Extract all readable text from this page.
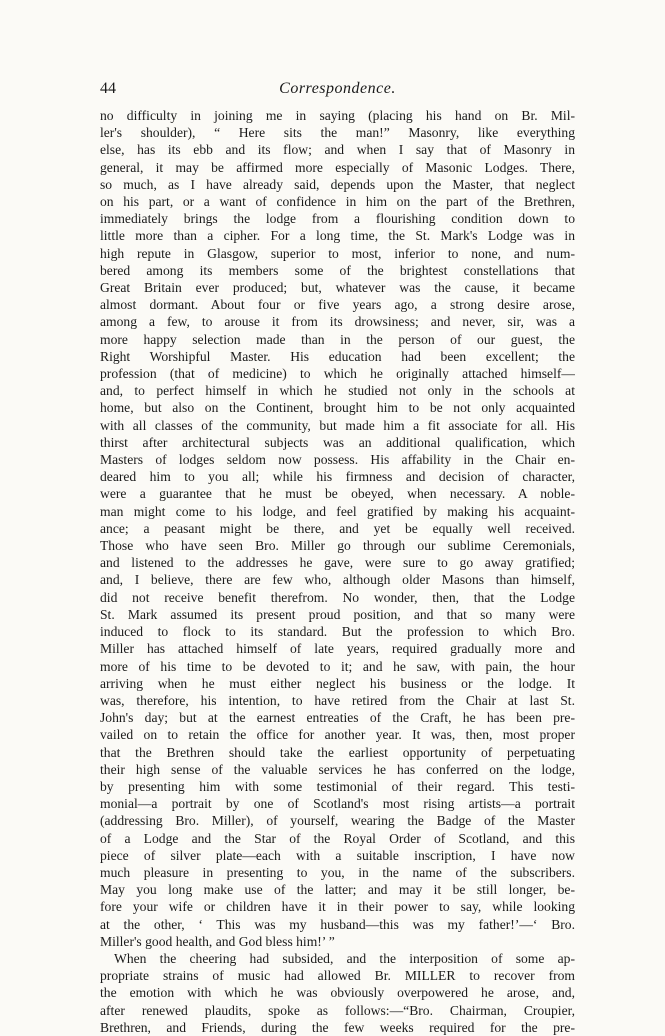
44	Correspondence.
no difficulty in joining me in saying (placing his hand on Br. Mil-
ler's shoulder), “ Here sits the man!” Masonry, like everything
else, has its ebb and its flow; and when I say that of Masonry in
general, it may be affirmed more especially of Masonic Lodges. There,
so much, as I have already said, depends upon the Master, that neglect
on his part, or a want of confidence in him on the part of the Brethren,
immediately brings the lodge from a flourishing condition down to
little more than a cipher. For a long time, the St. Mark's Lodge was in
high repute in Glasgow, superior to most, inferior to none, and num-
bered among its members some of the brightest constellations that
Great Britain ever produced; but, whatever was the cause, it became
almost dormant. About four or five years ago, a strong desire arose,
among a few, to arouse it from its drowsiness; and never, sir, was a
more happy selection made than in the person of our guest, the
Right Worshipful Master. His education had been excellent; the
profession (that of medicine) to which he originally attached himself—
and, to perfect himself in which he studied not only in the schools at
home, but also on the Continent, brought him to be not only acquainted
with all classes of the community, but made him a fit associate for all. His
thirst after architectural subjects was an additional qualification, which
Masters of lodges seldom now possess. His affability in the Chair en-
deared him to you all; while his firmness and decision of character,
were a guarantee that he must be obeyed, when necessary. A noble-
man might come to his lodge, and feel gratified by making his acquaint-
ance; a peasant might be there, and yet be equally well received.
Those who have seen Bro. Miller go through our sublime Ceremonials,
and listened to the addresses he gave, were sure to go away gratified;
and, I believe, there are few who, although older Masons than himself,
did not receive benefit therefrom. No wonder, then, that the Lodge
St. Mark assumed its present proud position, and that so many were
induced to flock to its standard. But the profession to which Bro.
Miller has attached himself of late years, required gradually more and
more of his time to be devoted to it; and he saw, with pain, the hour
arriving when he must either neglect his business or the lodge. It
was, therefore, his intention, to have retired from the Chair at last St.
John's day; but at the earnest entreaties of the Craft, he has been pre-
vailed on to retain the office for another year. It was, then, most proper
that the Brethren should take the earliest opportunity of perpetuating
their high sense of the valuable services he has conferred on the lodge,
by presenting him with some testimonial of their regard. This testi-
monial—a portrait by one of Scotland's most rising artists—a portrait
(addressing Bro. Miller), of yourself, wearing the Badge of the Master
of a Lodge and the Star of the Royal Order of Scotland, and this
piece of silver plate—each with a suitable inscription, I have now
much pleasure in presenting to you, in the name of the subscribers.
May you long make use of the latter; and may it be still longer, be-
fore your wife or children have it in their power to say, while looking
at the other, ‘ This was my husband—this was my father!’—‘ Bro.
Miller's good health, and God bless him!’ ”
When the cheering had subsided, and the interposition of some ap-
propriate strains of music had allowed Br. MILLER to recover from
the emotion with which he was obviously overpowered he arose, and,
after renewed plaudits, spoke as follows:—“Bro. Chairman, Croupier,
Brethren, and Friends, during the few weeks required for the pre-
